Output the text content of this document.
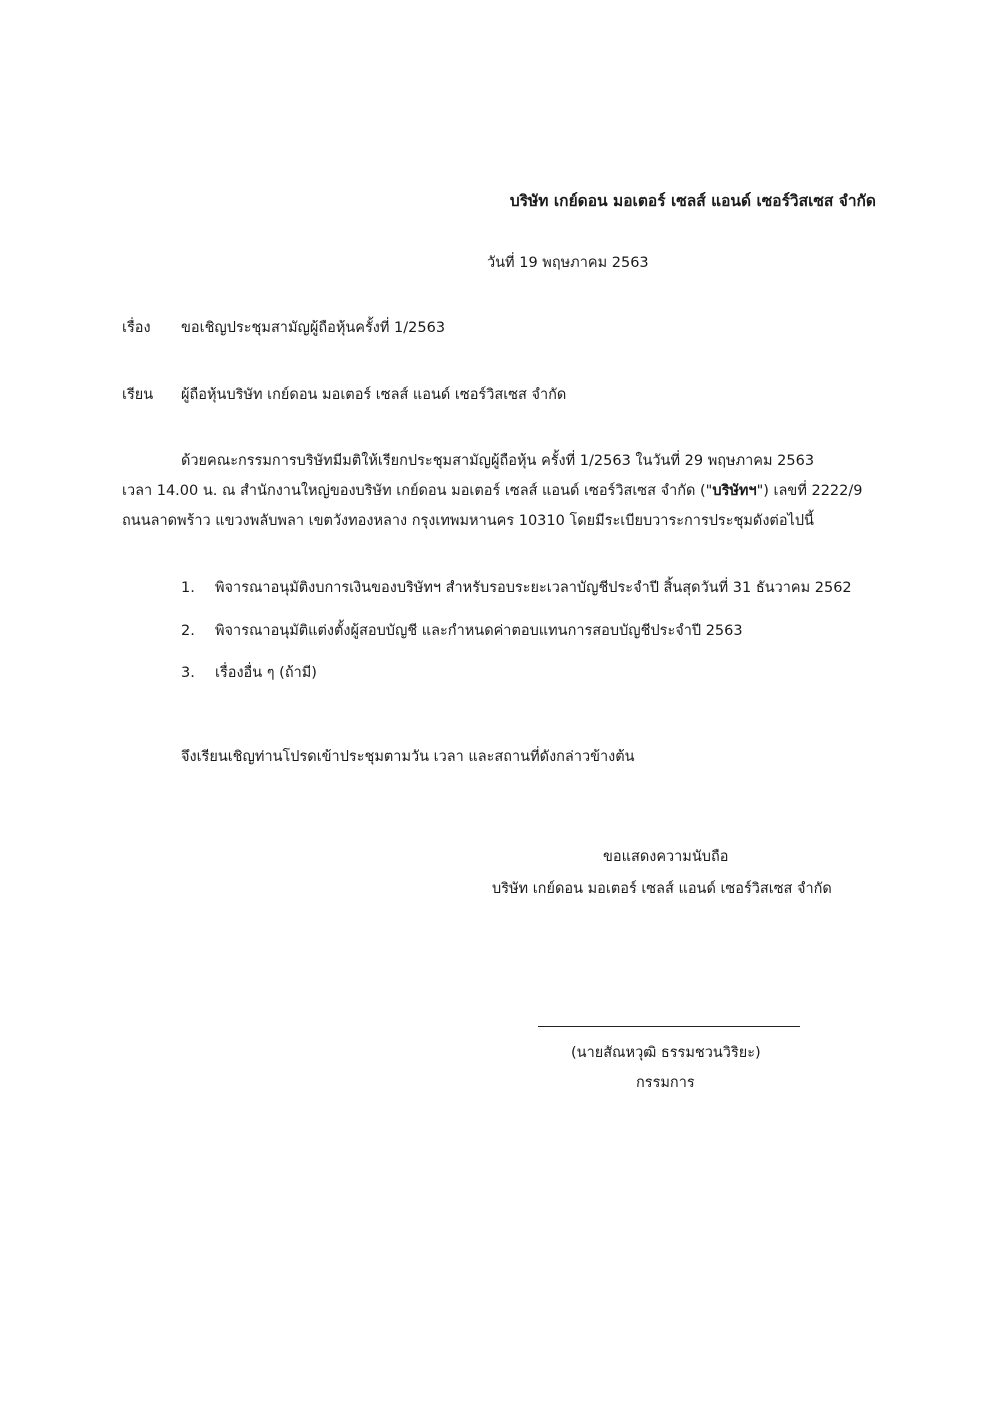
บริษัท เกย์ดอน มอเตอร์ เซลส์ แอนด์ เซอร์วิสเซส จำกัด
วันที่ 19 พฤษภาคม 2563
เรื่อง ขอเชิญประชุมสามัญผู้ถือหุ้นครั้งที่ 1/2563
เรียน ผู้ถือหุ้นบริษัท เกย์ดอน มอเตอร์ เซลส์ แอนด์ เซอร์วิสเซส จำกัด
ด้วยคณะกรรมการบริษัทมีมติให้เรียกประชุมสามัญผู้ถือหุ้น ครั้งที่ 1/2563 ในวันที่ 29 พฤษภาคม 2563
เวลา 14.00 น. ณ สำนักงานใหญ่ของบริษัท เกย์ดอน มอเตอร์ เซลส์ แอนด์ เซอร์วิสเซส จำกัด ("บริษัทฯ") เลขที่ 2222/9
ถนนลาดพร้าว แขวงพลับพลา เขตวังทองหลาง กรุงเทพมหานคร 10310 โดยมีระเบียบวาระการประชุมดังต่อไปนี้
1. พิจารณาอนุมัติงบการเงินของบริษัทฯ สำหรับรอบระยะเวลาบัญชีประจำปี สิ้นสุดวันที่ 31 ธันวาคม 2562
2. พิจารณาอนุมัติแต่งตั้งผู้สอบบัญชี และกำหนดค่าตอบแทนการสอบบัญชีประจำปี 2563
3. เรื่องอื่น ๆ (ถ้ามี)
จึงเรียนเชิญท่านโปรดเข้าประชุมตามวัน เวลา และสถานที่ดังกล่าวข้างต้น
ขอแสดงความนับถือ
บริษัท เกย์ดอน มอเตอร์ เซลส์ แอนด์ เซอร์วิสเซส จำกัด
(นายสัณหวุฒิ ธรรมชวนวิริยะ)
กรรมการ
